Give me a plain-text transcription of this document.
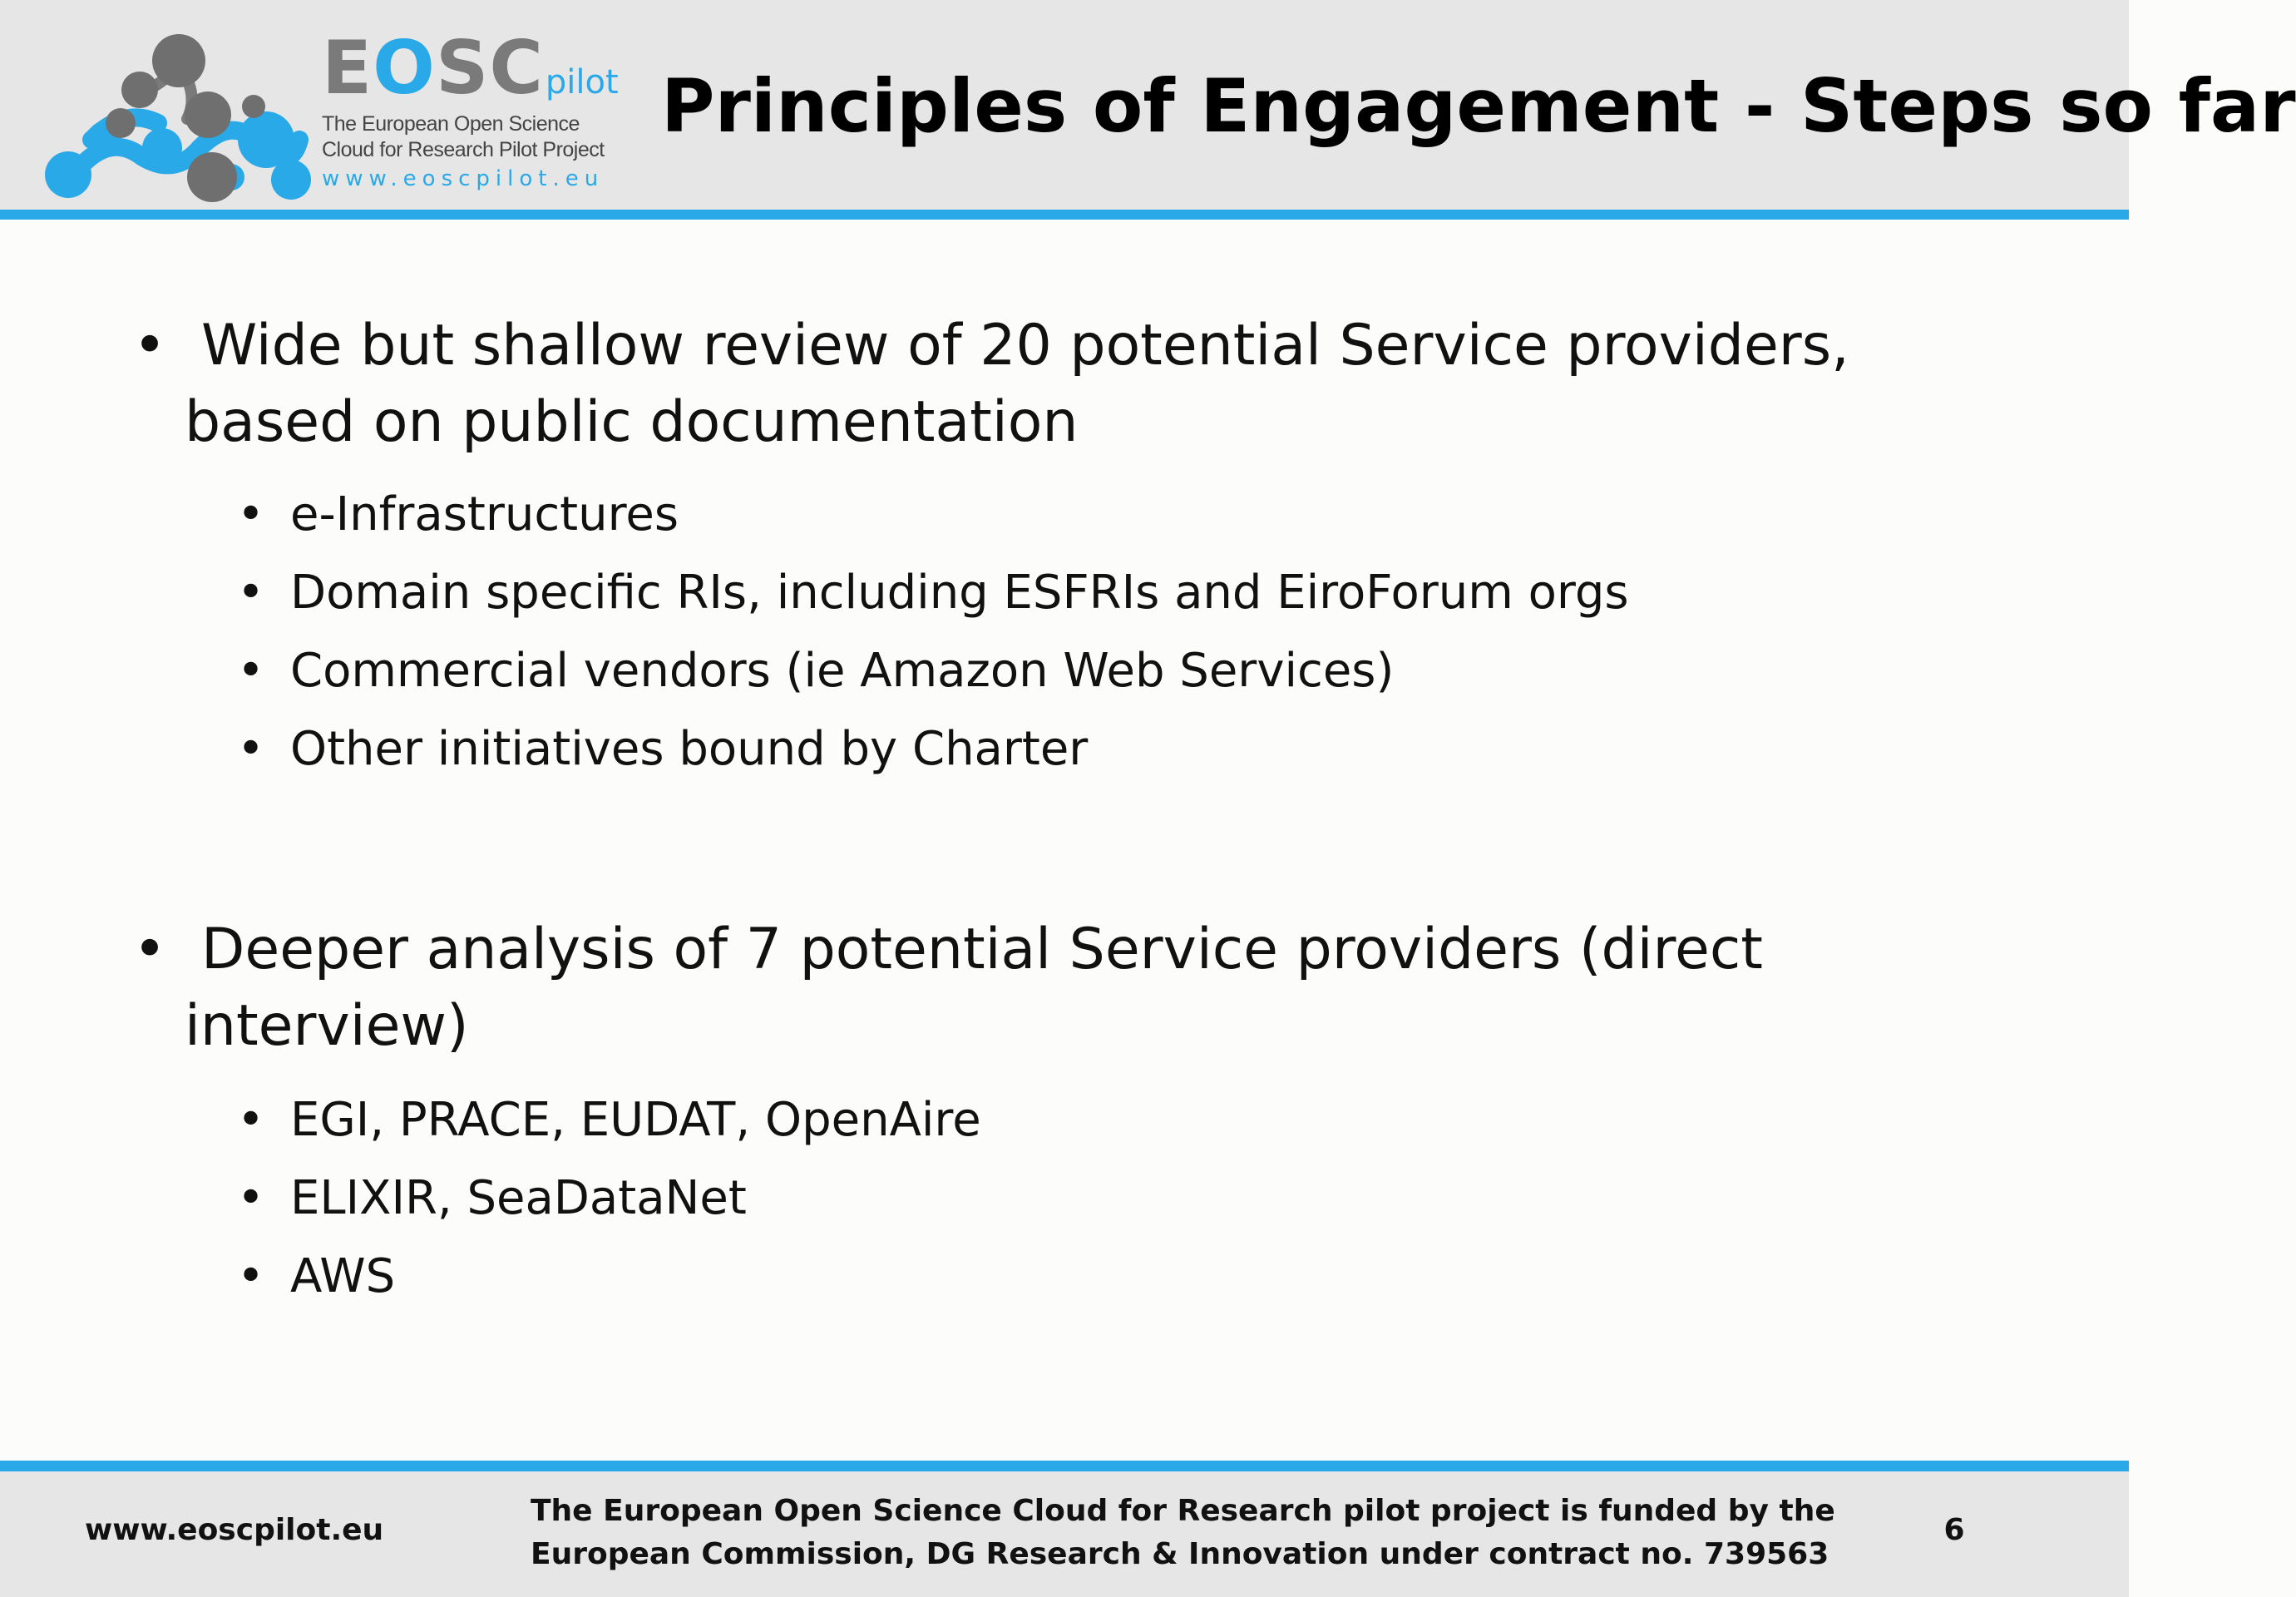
EOSCpilot
The European Open Science
Cloud for Research Pilot Project
www.eoscpilot.eu
Principles of Engagement - Steps so far
• Wide but shallow review of 20 potential Service providers,
based on public documentation
• e-Infrastructures
• Domain specific RIs, including ESFRIs and EiroForum orgs
• Commercial vendors (ie Amazon Web Services)
• Other initiatives bound by Charter
• Deeper analysis of 7 potential Service providers (direct
interview)
• EGI, PRACE, EUDAT, OpenAire
• ELIXIR, SeaDataNet
• AWS
www.eoscpilot.eu
The European Open Science Cloud for Research pilot project is funded by the
European Commission, DG Research & Innovation under contract no. 739563
6
